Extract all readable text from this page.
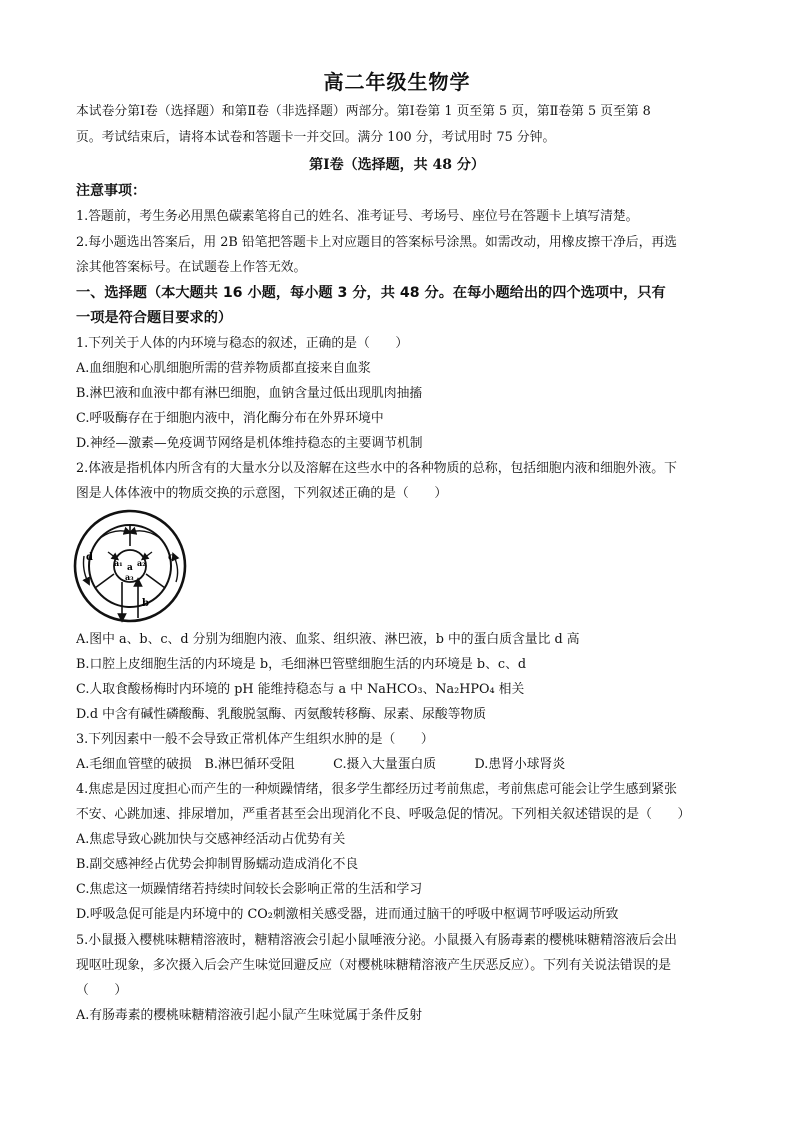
高二年级生物学
本试卷分第Ⅰ卷（选择题）和第Ⅱ卷（非选择题）两部分。第Ⅰ卷第 1 页至第 5 页，第Ⅱ卷第 5 页至第 8
页。考试结束后，请将本试卷和答题卡一并交回。满分 100 分，考试用时 75 分钟。
第Ⅰ卷（选择题，共 48 分）
注意事项：
1.答题前，考生务必用黑色碳素笔将自己的姓名、准考证号、考场号、座位号在答题卡上填写清楚。
2.每小题选出答案后，用 2B 铅笔把答题卡上对应题目的答案标号涂黑。如需改动，用橡皮擦干净后，再选
涂其他答案标号。在试题卷上作答无效。
一、选择题（本大题共 16 小题，每小题 3 分，共 48 分。在每小题给出的四个选项中，只有
一项是符合题目要求的）
1.下列关于人体的内环境与稳态的叙述，正确的是（　　）
A.血细胞和心肌细胞所需的营养物质都直接来自血浆
B.淋巴液和血液中都有淋巴细胞，血钠含量过低出现肌肉抽搐
C.呼吸酶存在于细胞内液中，消化酶分布在外界环境中
D.神经—激素—免疫调节网络是机体维持稳态的主要调节机制
2.体液是指机体内所含有的大量水分以及溶解在这些水中的各种物质的总称，包括细胞内液和细胞外液。下
图是人体体液中的物质交换的示意图，下列叙述正确的是（　　）
a
a₁ a₂
a₃
b
c
d
A.图中 a、b、c、d 分别为细胞内液、血浆、组织液、淋巴液，b 中的蛋白质含量比 d 高
B.口腔上皮细胞生活的内环境是 b，毛细淋巴管壁细胞生活的内环境是 b、c、d
C.人取食酸杨梅时内环境的 pH 能维持稳态与 a 中 NaHCO₃、Na₂HPO₄ 相关
D.d 中含有碱性磷酸酶、乳酸脱氢酶、丙氨酸转移酶、尿素、尿酸等物质
3.下列因素中一般不会导致正常机体产生组织水肿的是（　　）
A.毛细血管壁的破损　B.淋巴循环受阻　　　C.摄入大量蛋白质　　　D.患肾小球肾炎
4.焦虑是因过度担心而产生的一种烦躁情绪，很多学生都经历过考前焦虑，考前焦虑可能会让学生感到紧张
不安、心跳加速、排尿增加，严重者甚至会出现消化不良、呼吸急促的情况。下列相关叙述错误的是（　　）
A.焦虑导致心跳加快与交感神经活动占优势有关
B.副交感神经占优势会抑制胃肠蠕动造成消化不良
C.焦虑这一烦躁情绪若持续时间较长会影响正常的生活和学习
D.呼吸急促可能是内环境中的 CO₂刺激相关感受器，进而通过脑干的呼吸中枢调节呼吸运动所致
5.小鼠摄入樱桃味糖精溶液时，糖精溶液会引起小鼠唾液分泌。小鼠摄入有肠毒素的樱桃味糖精溶液后会出
现呕吐现象，多次摄入后会产生味觉回避反应（对樱桃味糖精溶液产生厌恶反应）。下列有关说法错误的是
（　　）
A.有肠毒素的樱桃味糖精溶液引起小鼠产生味觉属于条件反射
